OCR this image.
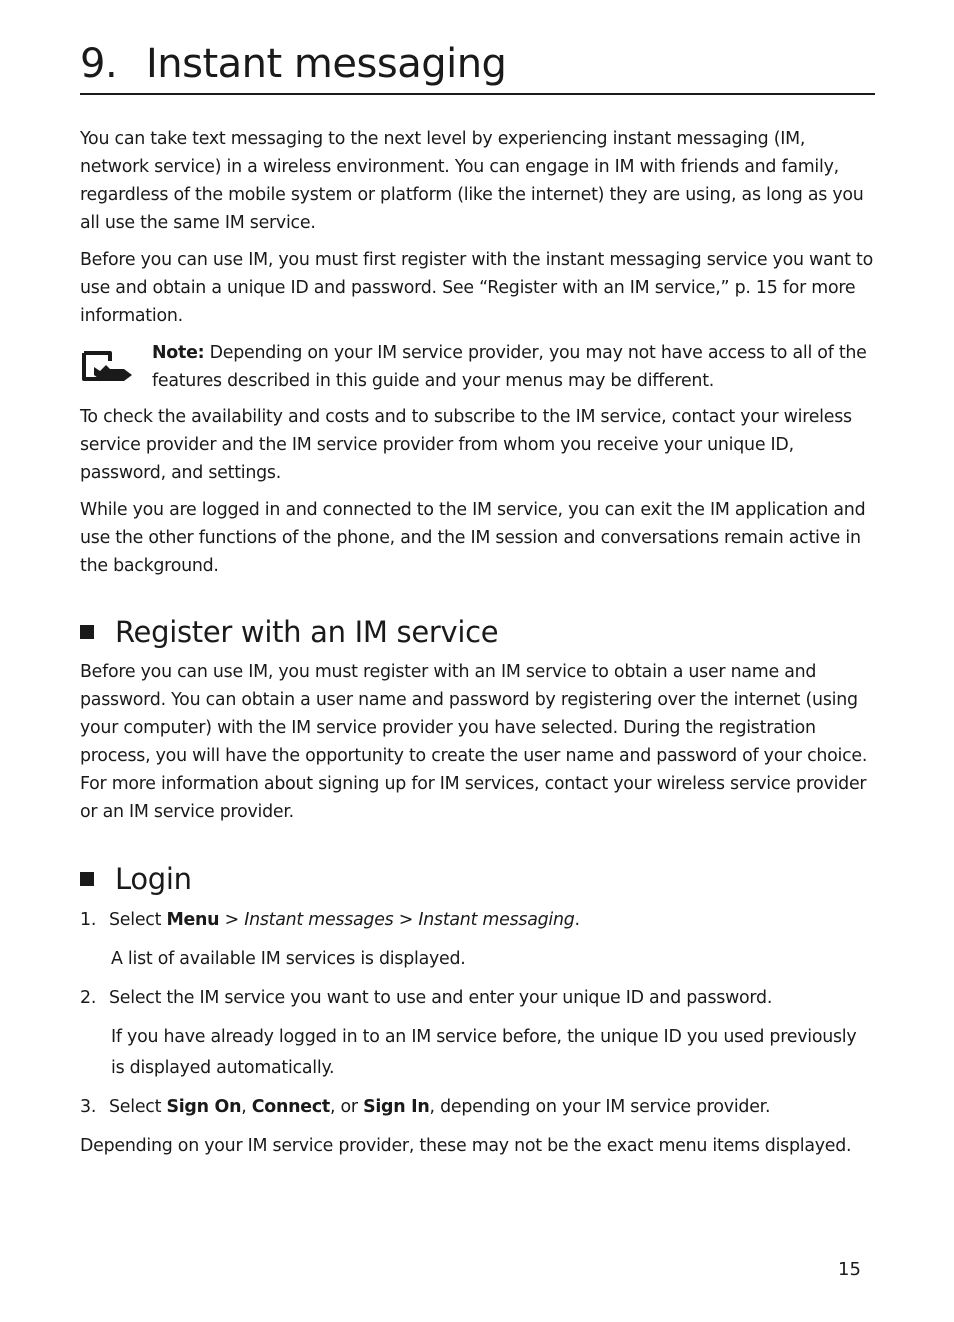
9. Instant messaging

You can take text messaging to the next level by experiencing instant messaging (IM, network service) in a wireless environment. You can engage in IM with friends and family, regardless of the mobile system or platform (like the internet) they are using, as long as you all use the same IM service.

Before you can use IM, you must first register with the instant messaging service you want to use and obtain a unique ID and password. See “Register with an IM service,” p. 15 for more information.

Note: Depending on your IM service provider, you may not have access to all of the features described in this guide and your menus may be different.

To check the availability and costs and to subscribe to the IM service, contact your wireless service provider and the IM service provider from whom you receive your unique ID, password, and settings.

While you are logged in and connected to the IM service, you can exit the IM application and use the other functions of the phone, and the IM session and conversations remain active in the background.

Register with an IM service

Before you can use IM, you must register with an IM service to obtain a user name and password. You can obtain a user name and password by registering over the internet (using your computer) with the IM service provider you have selected. During the registration process, you will have the opportunity to create the user name and password of your choice. For more information about signing up for IM services, contact your wireless service provider or an IM service provider.

Login
1. Select Menu > Instant messages > Instant messaging.

A list of available IM services is displayed.

2. Select the IM service you want to use and enter your unique ID and password.

If you have already logged in to an IM service before, the unique ID you used previously is displayed automatically.

3. Select Sign On, Connect, or Sign In, depending on your IM service provider.

Depending on your IM service provider, these may not be the exact menu items displayed.

15
